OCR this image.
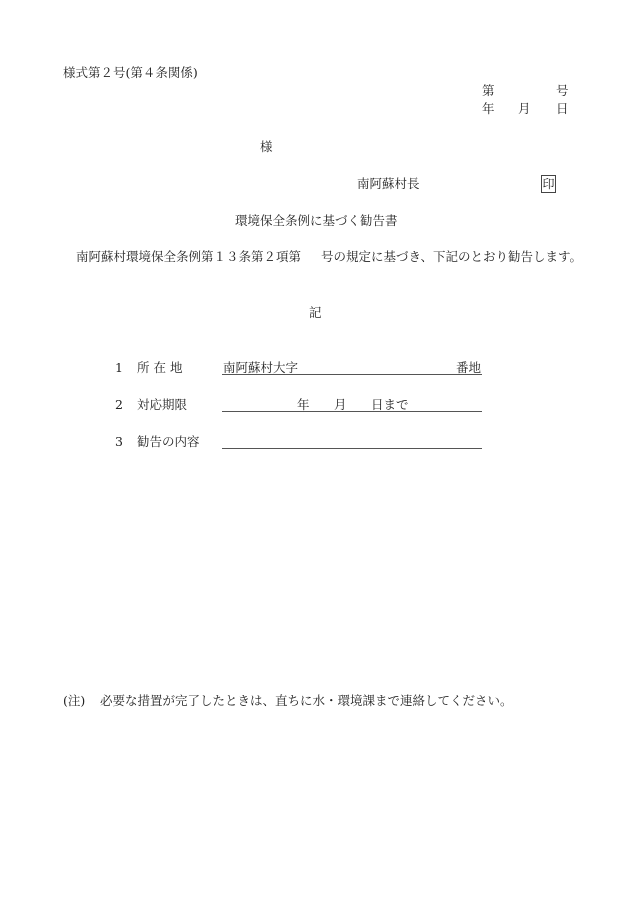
様式第２号(第４条関係)
第	号
年 月 日
様
南阿蘇村長	印
環境保全条例に基づく勧告書
南阿蘇村環境保全条例第１３条第２項第 号の規定に基づき、下記のとおり勧告します。
記
1 所 在 地	南阿蘇村大字	番地
2 対応期限	年 月 日まで
3 勧告の内容
(注) 必要な措置が完了したときは、直ちに水・環境課まで連絡してください。
